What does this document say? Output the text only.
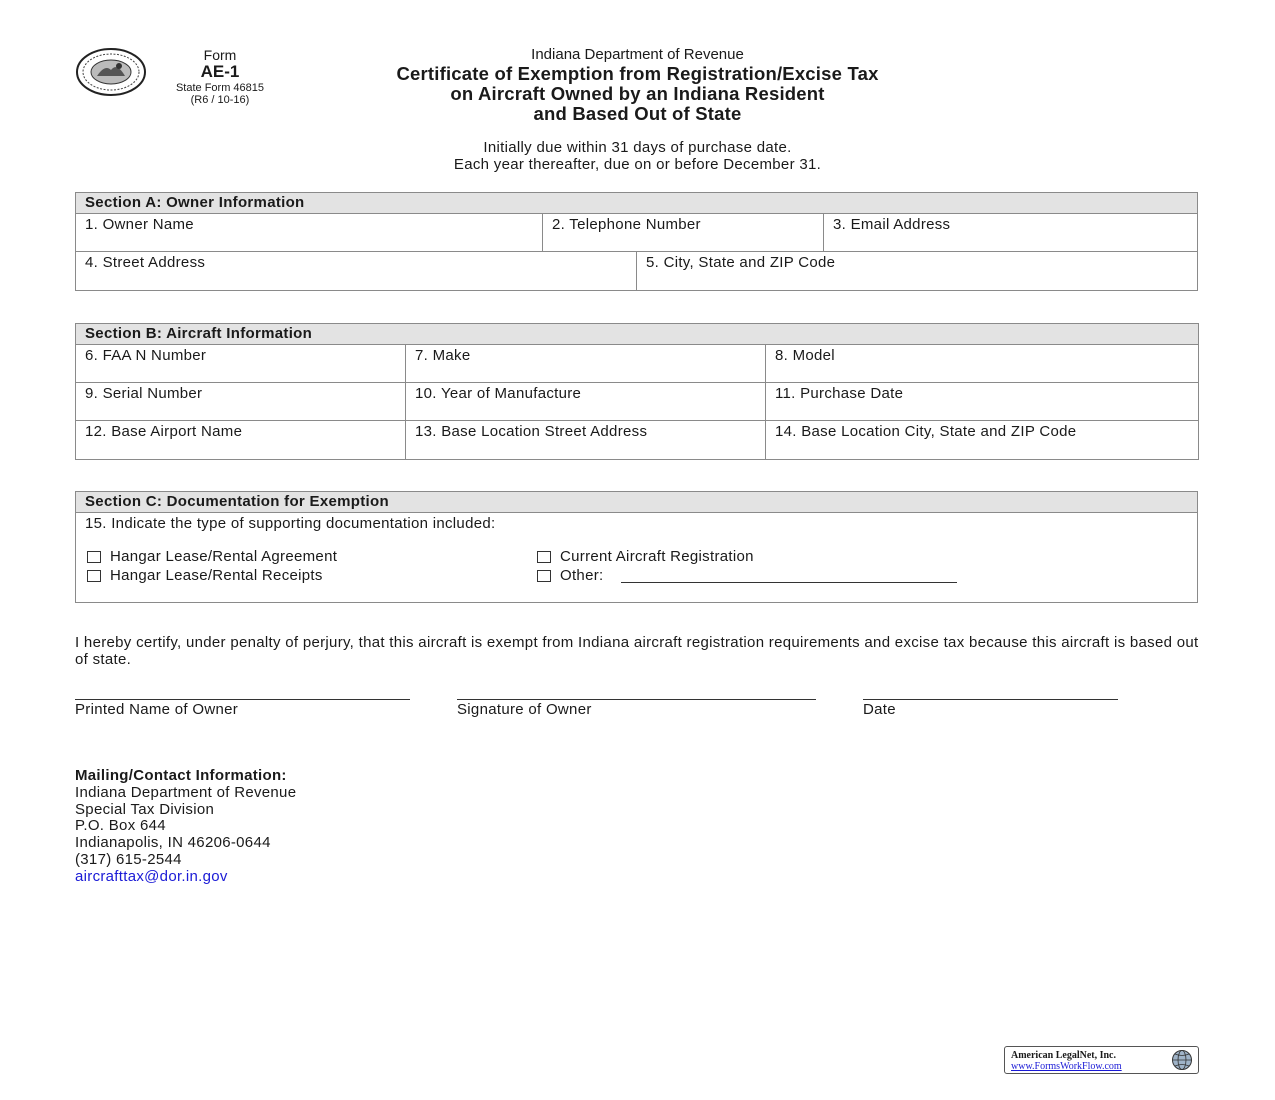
Form
AE-1
State Form 46815
(R6 / 10-16)
Indiana Department of Revenue
Certificate of Exemption from Registration/Excise Tax
on Aircraft Owned by an Indiana Resident
and Based Out of State
Initially due within 31 days of purchase date.
Each year thereafter, due on or before December 31.
Section A: Owner Information
1. Owner Name	2. Telephone Number	3. Email Address
4. Street Address	5. City, State and ZIP Code
Section B: Aircraft Information
6. FAA N Number	7. Make	8. Model
9. Serial Number	10. Year of Manufacture	11. Purchase Date
12. Base Airport Name	13. Base Location Street Address	14. Base Location City, State and ZIP Code
Section C: Documentation for Exemption
15. Indicate the type of supporting documentation included:
Hangar Lease/Rental Agreement
Hangar Lease/Rental Receipts
Current Aircraft Registration
Other:
I hereby certify, under penalty of perjury, that this aircraft is exempt from Indiana aircraft registration requirements and excise tax because this aircraft is based out of state.
Printed Name of Owner	Signature of Owner	Date
Mailing/Contact Information:
Indiana Department of Revenue
Special Tax Division
P.O. Box 644
Indianapolis, IN 46206-0644
(317) 615-2544
aircrafttax@dor.in.gov
American LegalNet, Inc.
www.FormsWorkFlow.com
